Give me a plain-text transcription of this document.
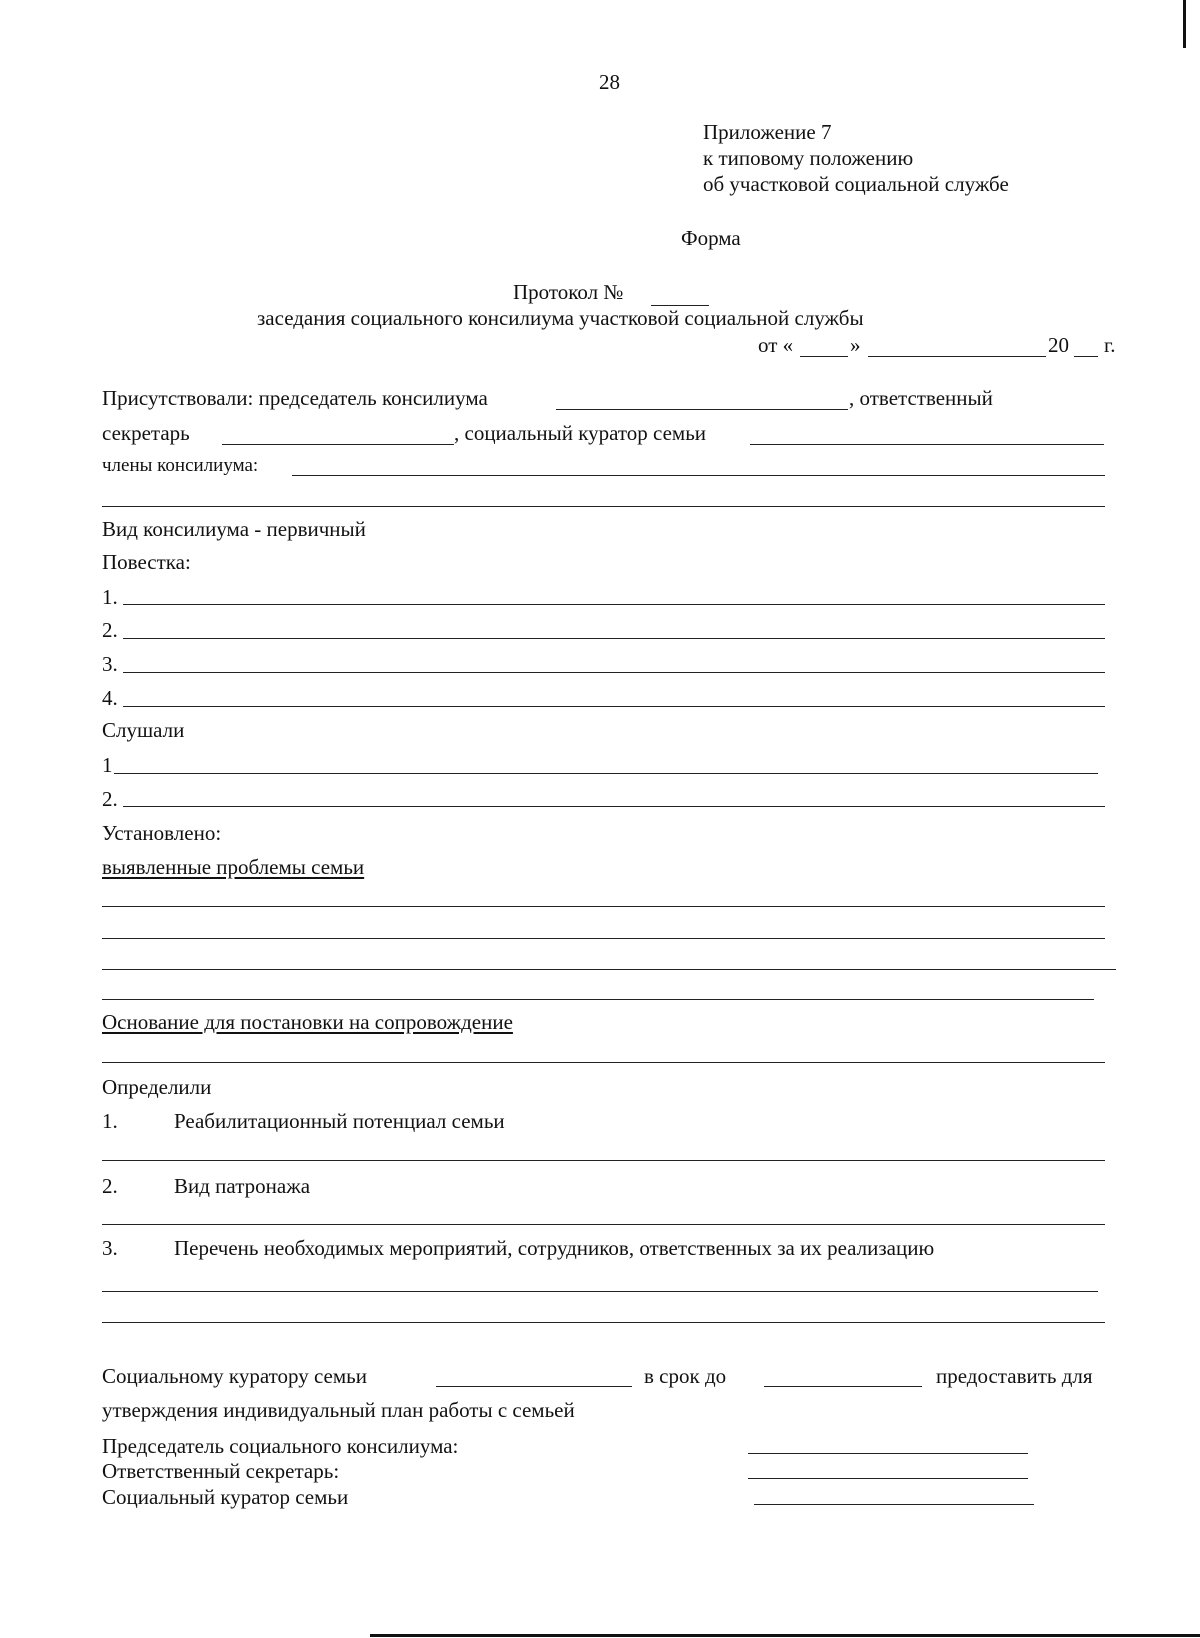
28
Приложение 7
к типовому положению
об участковой социальной службе
Форма
Протокол №
заседания социального консилиума участковой социальной службы
от «	»	20 г.
Присутствовали: председатель консилиума	, ответственный
секретарь	, социальный куратор семьи
члены консилиума:
Вид консилиума - первичный
Повестка:
1.
2.
3.
4.
Слушали
1
2.
Установлено:
выявленные проблемы семьи
Основание для постановки на сопровождение
Определили
1.	Реабилитационный потенциал семьи
2.	Вид патронажа
3.	Перечень необходимых мероприятий, сотрудников, ответственных за их реализацию
Социальному куратору семьи	в срок до	предоставить для
утверждения индивидуальный план работы с семьей
Председатель социального консилиума:
Ответственный секретарь:
Социальный куратор семьи
